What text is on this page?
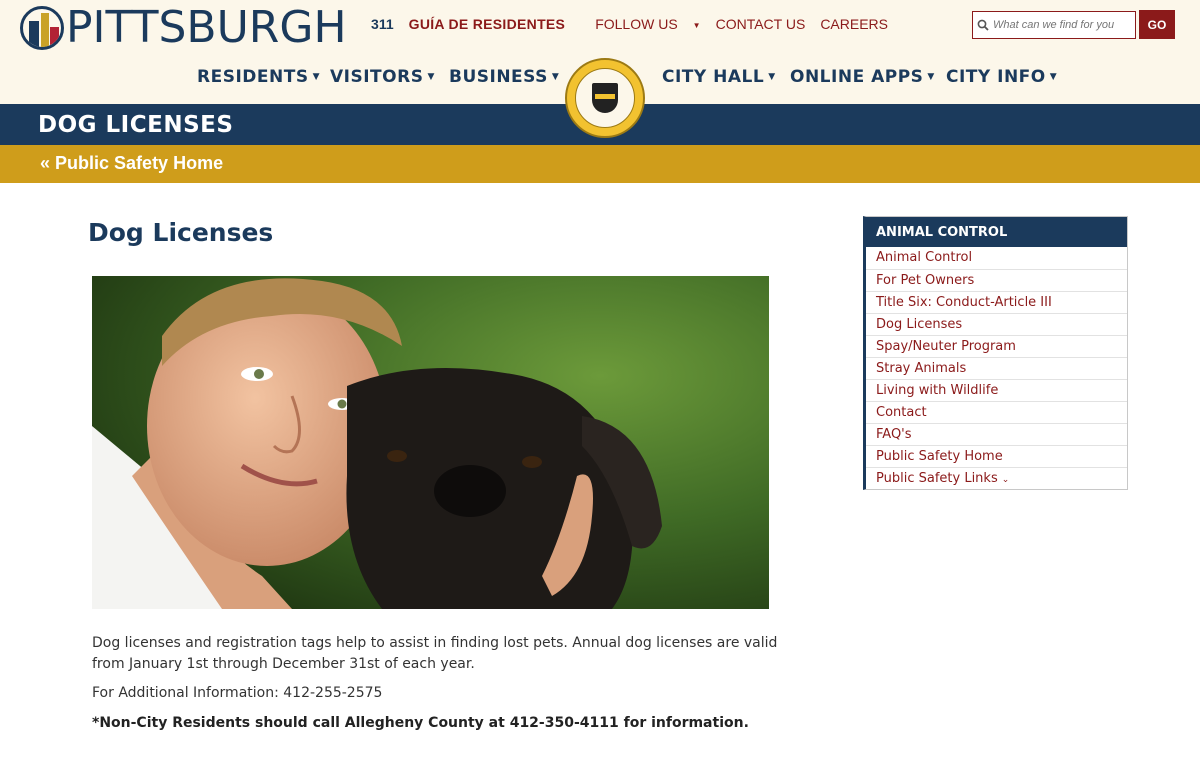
PITTSBURGH 311 GUÍA DE RESIDENTES	FOLLOW US ▼ CONTACT US CAREERS
What can we find for you	GO
RESIDENTS ▼ VISITORS ▼ BUSINESS ▼	CITY HALL ▼ ONLINE APPS ▼ CITY INFO ▼
DOG LICENSES
« Public Safety Home
Dog Licenses

Dog licenses and registration tags help to assist in finding lost pets. Annual dog licenses are valid from January 1st through December 31st of each year.

For Additional Information: 412-255-2575

*Non-City Residents should call Allegheny County at 412-350-4111 for information.

ANIMAL CONTROL
Animal Control
For Pet Owners
Title Six: Conduct-Article III
Dog Licenses
Spay/Neuter Program
Stray Animals
Living with Wildlife
Contact
FAQ's
Public Safety Home
Public Safety Links ⌄
